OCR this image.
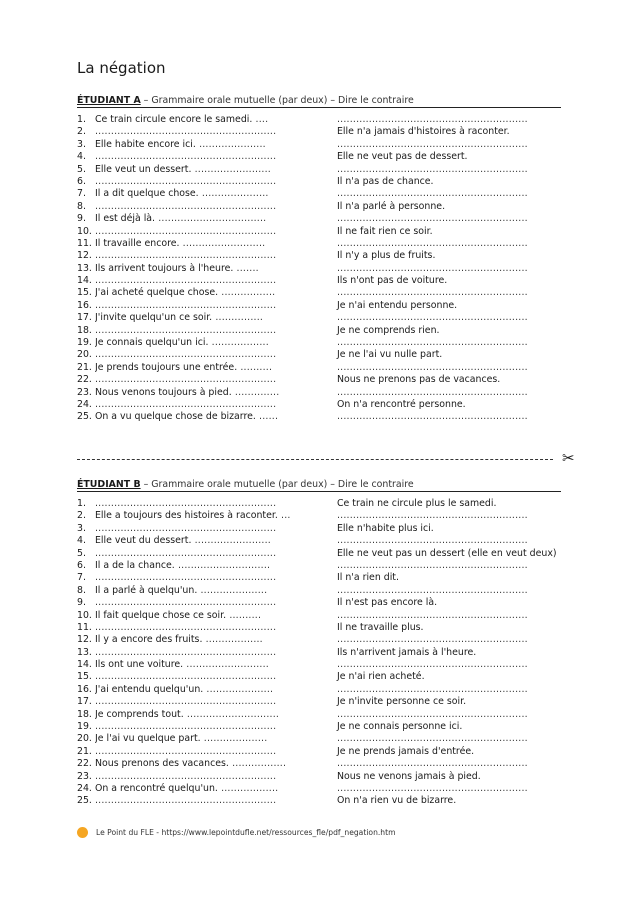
La négation
ÉTUDIANT A – Grammaire orale mutuelle (par deux) – Dire le contraire
1. Ce train circule encore le samedi. ....	............................................................
2. .........................................................	Elle n'a jamais d'histoires à raconter.
3. Elle habite encore ici. .....................	............................................................
4. .........................................................	Elle ne veut pas de dessert.
5. Elle veut un dessert. ........................	............................................................
6. .........................................................	Il n'a pas de chance.
7. Il a dit quelque chose. .....................	............................................................
8. .........................................................	Il n'a parlé à personne.
9. Il est déjà là. ..................................	............................................................
10. .........................................................	Il ne fait rien ce soir.
11. Il travaille encore. ..........................	............................................................
12. .........................................................	Il n'y a plus de fruits.
13. Ils arrivent toujours à l'heure. .......	............................................................
14. .........................................................	Ils n'ont pas de voiture.
15. J'ai acheté quelque chose. .................	............................................................
16. .........................................................	Je n'ai entendu personne.
17. J'invite quelqu'un ce soir. ...............	............................................................
18. .........................................................	Je ne comprends rien.
19. Je connais quelqu'un ici. ..................	............................................................
20. .........................................................	Je ne l'ai vu nulle part.
21. Je prends toujours une entrée. ..........	............................................................
22. .........................................................	Nous ne prenons pas de vacances.
23. Nous venons toujours à pied. ..............	............................................................
24. .........................................................	On n'a rencontré personne.
25. On a vu quelque chose de bizarre. ......	............................................................
✂
ÉTUDIANT B – Grammaire orale mutuelle (par deux) – Dire le contraire
1. .........................................................	Ce train ne circule plus le samedi.
2. Elle a toujours des histoires à raconter. ...	............................................................
3. .........................................................	Elle n'habite plus ici.
4. Elle veut du dessert. ........................	............................................................
5. .........................................................	Elle ne veut pas un dessert (elle en veut deux)
6. Il a de la chance. .............................	............................................................
7. .........................................................	Il n'a rien dit.
8. Il a parlé à quelqu'un. .....................	............................................................
9. .........................................................	Il n'est pas encore là.
10. Il fait quelque chose ce soir. ..........	............................................................
11. .........................................................	Il ne travaille plus.
12. Il y a encore des fruits. ..................	............................................................
13. .........................................................	Ils n'arrivent jamais à l'heure.
14. Ils ont une voiture. ..........................	............................................................
15. .........................................................	Je n'ai rien acheté.
16. J'ai entendu quelqu'un. .....................	............................................................
17. .........................................................	Je n'invite personne ce soir.
18. Je comprends tout. .............................	............................................................
19. .........................................................	Je ne connais personne ici.
20. Je l'ai vu quelque part. ....................	............................................................
21. .........................................................	Je ne prends jamais d'entrée.
22. Nous prenons des vacances. .................	............................................................
23. .........................................................	Nous ne venons jamais à pied.
24. On a rencontré quelqu'un. ..................	............................................................
25. .........................................................	On n'a rien vu de bizarre.
Le Point du FLE - https://www.lepointdufle.net/ressources_fle/pdf_negation.htm
